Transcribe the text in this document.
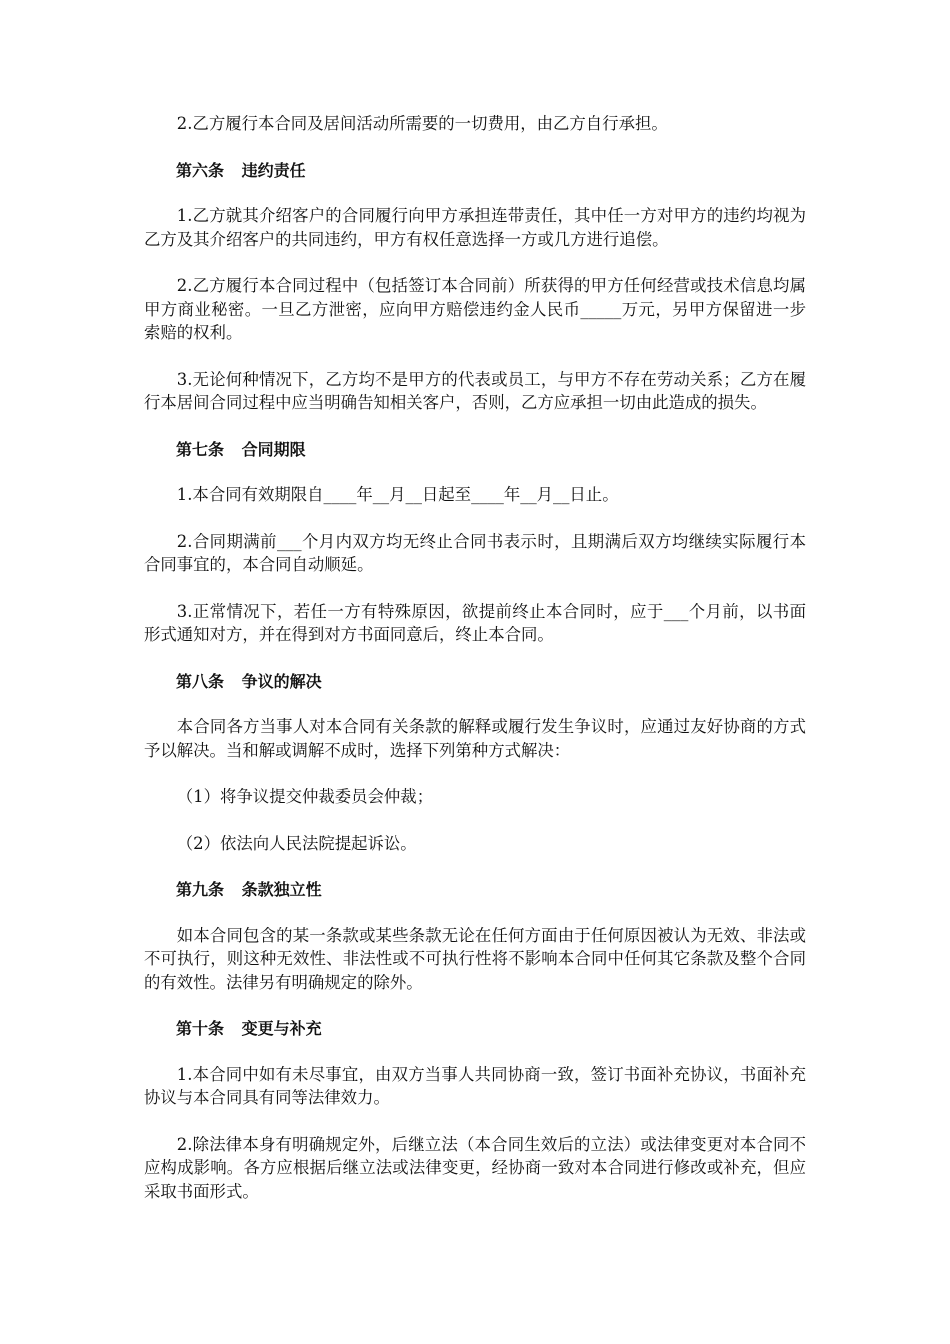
2.乙方履行本合同及居间活动所需要的一切费用，由乙方自行承担。
第六条 违约责任
1.乙方就其介绍客户的合同履行向甲方承担连带责任，其中任一方对甲方的违约均视为乙方及其介绍客户的共同违约，甲方有权任意选择一方或几方进行追偿。
2.乙方履行本合同过程中（包括签订本合同前）所获得的甲方任何经营或技术信息均属甲方商业秘密。一旦乙方泄密，应向甲方赔偿违约金人民币_____万元，另甲方保留进一步索赔的权利。
3.无论何种情况下，乙方均不是甲方的代表或员工，与甲方不存在劳动关系；乙方在履行本居间合同过程中应当明确告知相关客户，否则，乙方应承担一切由此造成的损失。
第七条 合同期限
1.本合同有效期限自____年__月__日起至____年__月__日止。
2.合同期满前___个月内双方均无终止合同书表示时，且期满后双方均继续实际履行本合同事宜的，本合同自动顺延。
3.正常情况下，若任一方有特殊原因，欲提前终止本合同时，应于___个月前，以书面形式通知对方，并在得到对方书面同意后，终止本合同。
第八条 争议的解决
本合同各方当事人对本合同有关条款的解释或履行发生争议时，应通过友好协商的方式予以解决。当和解或调解不成时，选择下列第种方式解决：
（1）将争议提交仲裁委员会仲裁；
（2）依法向人民法院提起诉讼。
第九条 条款独立性
如本合同包含的某一条款或某些条款无论在任何方面由于任何原因被认为无效、非法或不可执行，则这种无效性、非法性或不可执行性将不影响本合同中任何其它条款及整个合同的有效性。法律另有明确规定的除外。
第十条 变更与补充
1.本合同中如有未尽事宜，由双方当事人共同协商一致，签订书面补充协议，书面补充协议与本合同具有同等法律效力。
2.除法律本身有明确规定外，后继立法（本合同生效后的立法）或法律变更对本合同不应构成影响。各方应根据后继立法或法律变更，经协商一致对本合同进行修改或补充，但应采取书面形式。
